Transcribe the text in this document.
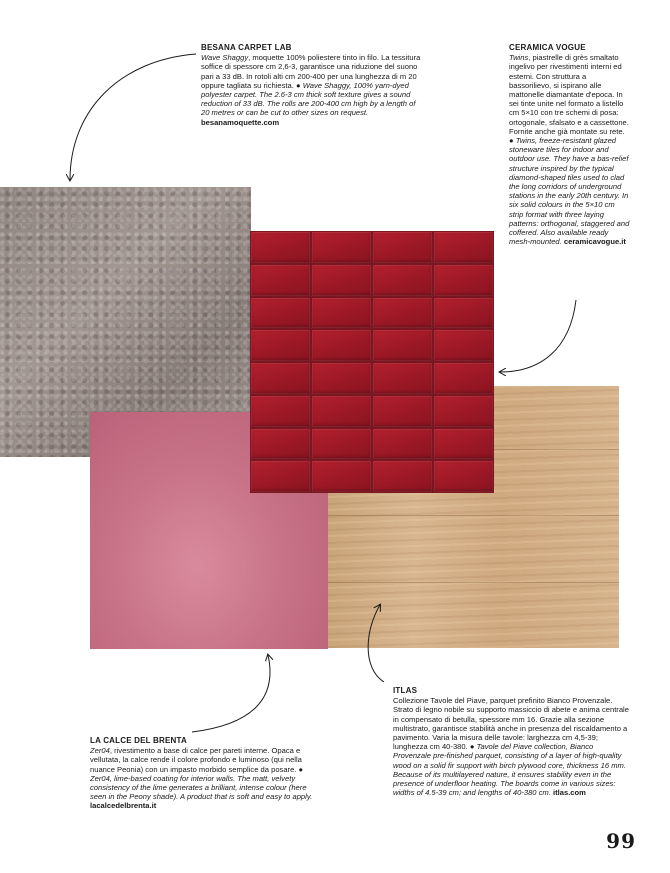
BESANA CARPET LAB

Wave Shaggy, moquette 100% poliestere tinto in filo. La tessitura soffice di spessore cm 2,6-3, garantisce una riduzione del suono pari a 33 dB. In rotoli alti cm 200-400 per una lunghezza di m 20 oppure tagliata su richiesta. ● Wave Shaggy, 100% yarn-dyed polyester carpet. The 2.6-3 cm thick soft texture gives a sound reduction of 33 dB. The rolls are 200-400 cm high by a length of 20 metres or can be cut to other sizes on request. besanamoquette.com

CERAMICA VOGUE

Twins, piastrelle di grès smaltato ingelivo per rivestimenti interni ed esterni. Con struttura a bassorilievo, si ispirano alle mattonelle diamantate d'epoca. In sei tinte unite nel formato a listello cm 5×10 con tre schemi di posa: ortogonale, sfalsato e a cassettone. Fornite anche già montate su rete. ● Twins, freeze-resistant glazed stoneware tiles for indoor and outdoor use. They have a bas-relief structure inspired by the typical diamond-shaped tiles used to clad the long corridors of underground stations in the early 20th century. In six solid colours in the 5×10 cm strip format with three laying patterns: orthogonal, staggered and coffered. Also available ready mesh-mounted. ceramicavogue.it

LA CALCE DEL BRENTA

Zer04, rivestimento a base di calce per pareti interne. Opaca e vellutata, la calce rende il colore profondo e luminoso (qui nella nuance Peonia) con un impasto morbido semplice da posare. ● Zer04, lime-based coating for interior walls. The matt, velvety consistency of the lime generates a brilliant, intense colour (here seen in the Peony shade). A product that is soft and easy to apply. lacalcedelbrenta.it

ITLAS

Collezione Tavole del Piave, parquet prefinito Bianco Provenzale. Strato di legno nobile su supporto massiccio di abete e anima centrale in compensato di betulla, spessore mm 16. Grazie alla sezione multistrato, garantisce stabilità anche in presenza del riscaldamento a pavimento. Varia la misura delle tavole: larghezza cm 4,5-39; lunghezza cm 40-380. ● Tavole del Piave collection, Bianco Provenzale pre-finished parquet, consisting of a layer of high-quality wood on a solid fir support with birch plywood core, thickness 16 mm. Because of its multilayered nature, it ensures stability even in the presence of underfloor heating. The boards come in various sizes: widths of 4.5-39 cm; and lengths of 40-380 cm. itlas.com

99
